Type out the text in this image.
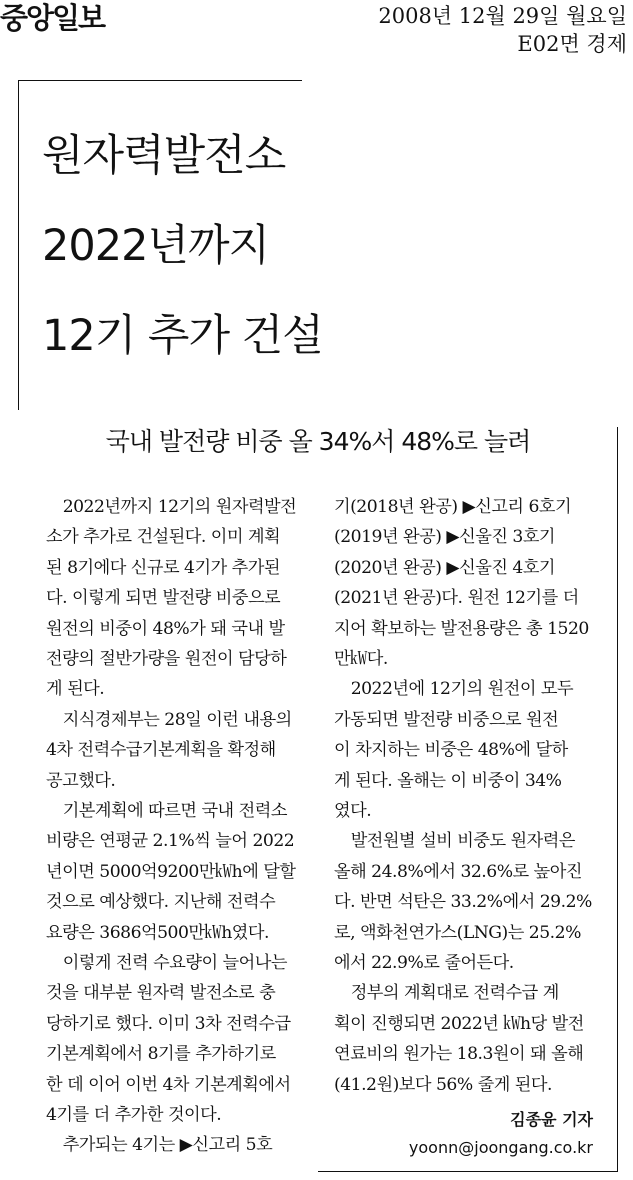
중앙일보	2008년 12월 29일 월요일
E02면 경제
원자력발전소
2022년까지
12기 추가 건설
국내 발전량 비중 올 34%서 48%로 늘려
　2022년까지 12기의 원자력발전
소가 추가로 건설된다. 이미 계획
된 8기에다 신규로 4기가 추가된
다. 이렇게 되면 발전량 비중으로
원전의 비중이 48%가 돼 국내 발
전량의 절반가량을 원전이 담당하
게 된다.
　지식경제부는 28일 이런 내용의
4차 전력수급기본계획을 확정해
공고했다.
　기본계획에 따르면 국내 전력소
비량은 연평균 2.1%씩 늘어 2022
년이면 5000억9200만㎾h에 달할
것으로 예상했다. 지난해 전력수
요량은 3686억500만㎾h였다.
　이렇게 전력 수요량이 늘어나는
것을 대부분 원자력 발전소로 충
당하기로 했다. 이미 3차 전력수급
기본계획에서 8기를 추가하기로
한 데 이어 이번 4차 기본계획에서
4기를 더 추가한 것이다.
　추가되는 4기는 ▶신고리 5호
기(2018년 완공) ▶신고리 6호기
(2019년 완공) ▶신울진 3호기
(2020년 완공) ▶신울진 4호기
(2021년 완공)다. 원전 12기를 더
지어 확보하는 발전용량은 총 1520
만㎾다.
　2022년에 12기의 원전이 모두
가동되면 발전량 비중으로 원전
이 차지하는 비중은 48%에 달하
게 된다. 올해는 이 비중이 34%
였다.
　발전원별 설비 비중도 원자력은
올해 24.8%에서 32.6%로 높아진
다. 반면 석탄은 33.2%에서 29.2%
로, 액화천연가스(LNG)는 25.2%
에서 22.9%로 줄어든다.
　정부의 계획대로 전력수급 계
획이 진행되면 2022년 ㎾h당 발전
연료비의 원가는 18.3원이 돼 올해
(41.2원)보다 56% 줄게 된다.
김종윤 기자
yoonn@joongang.co.kr
